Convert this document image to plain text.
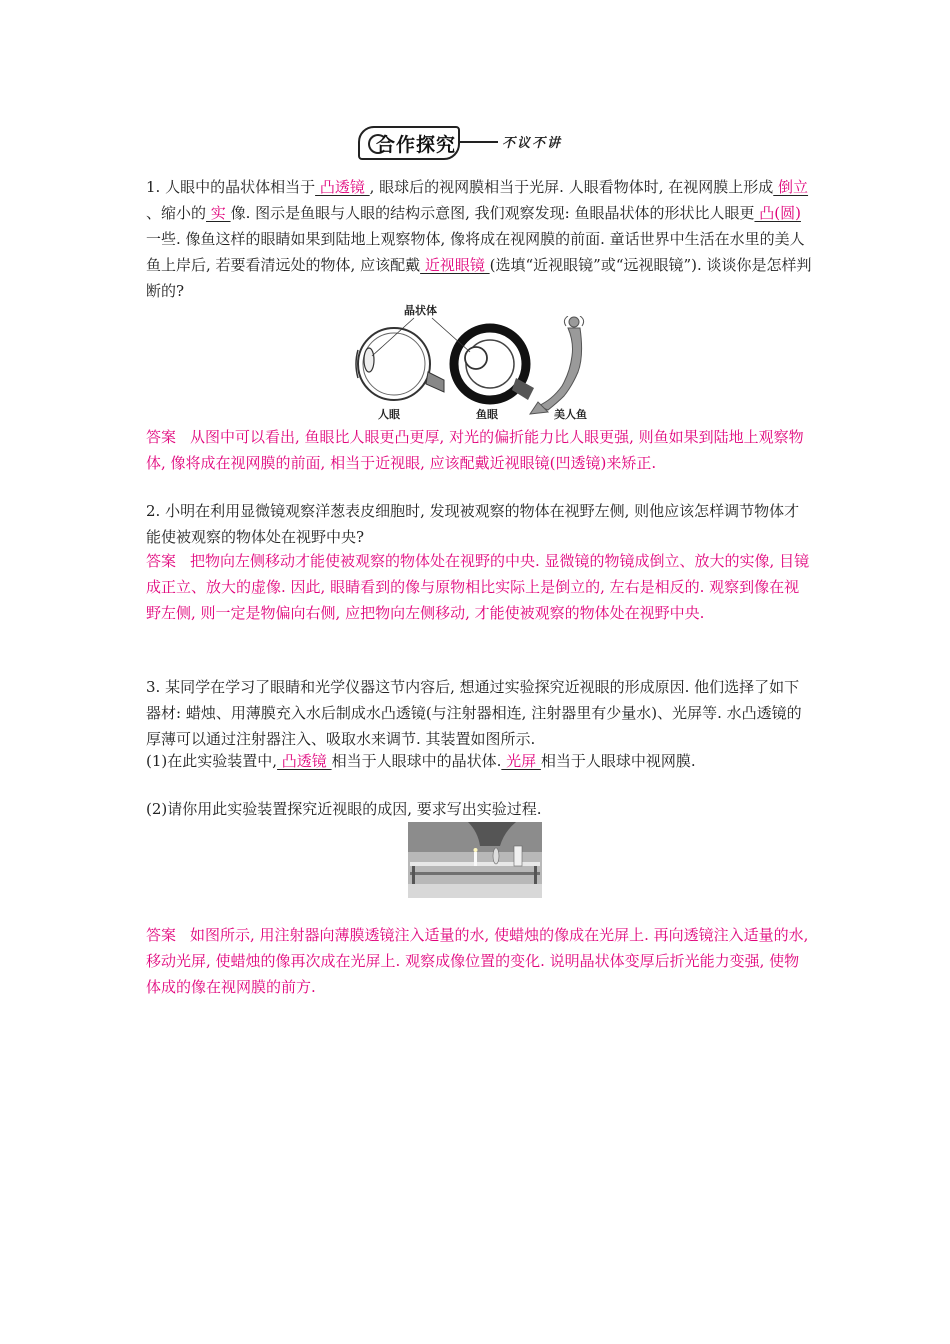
合作探究	不议不讲
1. 人眼中的晶状体相当于 凸透镜 , 眼球后的视网膜相当于光屏. 人眼看物体时, 在视网膜上形成 倒立 、缩小的 实 像. 图示是鱼眼与人眼的结构示意图, 我们观察发现: 鱼眼晶状体的形状比人眼更 凸(圆) 一些. 像鱼这样的眼睛如果到陆地上观察物体, 像将成在视网膜的前面. 童话世界中生活在水里的美人鱼上岸后, 若要看清远处的物体, 应该配戴 近视眼镜 (选填“近视眼镜”或“远视眼镜”). 谈谈你是怎样判断的?
晶状体
人眼	鱼眼	美人鱼
答案 从图中可以看出, 鱼眼比人眼更凸更厚, 对光的偏折能力比人眼更强, 则鱼如果到陆地上观察物体, 像将成在视网膜的前面, 相当于近视眼, 应该配戴近视眼镜(凹透镜)来矫正.
2. 小明在利用显微镜观察洋葱表皮细胞时, 发现被观察的物体在视野左侧, 则他应该怎样调节物体才能使被观察的物体处在视野中央?
答案 把物向左侧移动才能使被观察的物体处在视野的中央. 显微镜的物镜成倒立、放大的实像, 目镜成正立、放大的虚像. 因此, 眼睛看到的像与原物相比实际上是倒立的, 左右是相反的. 观察到像在视野左侧, 则一定是物偏向右侧, 应把物向左侧移动, 才能使被观察的物体处在视野中央.
3. 某同学在学习了眼睛和光学仪器这节内容后, 想通过实验探究近视眼的形成原因. 他们选择了如下器材: 蜡烛、用薄膜充入水后制成水凸透镜(与注射器相连, 注射器里有少量水)、光屏等. 水凸透镜的厚薄可以通过注射器注入、吸取水来调节. 其装置如图所示.
(1)在此实验装置中, 凸透镜 相当于人眼球中的晶状体. 光屏 相当于人眼球中视网膜.
(2)请你用此实验装置探究近视眼的成因, 要求写出实验过程.
答案 如图所示, 用注射器向薄膜透镜注入适量的水, 使蜡烛的像成在光屏上. 再向透镜注入适量的水, 移动光屏, 使蜡烛的像再次成在光屏上. 观察成像位置的变化. 说明晶状体变厚后折光能力变强, 使物体成的像在视网膜的前方.
